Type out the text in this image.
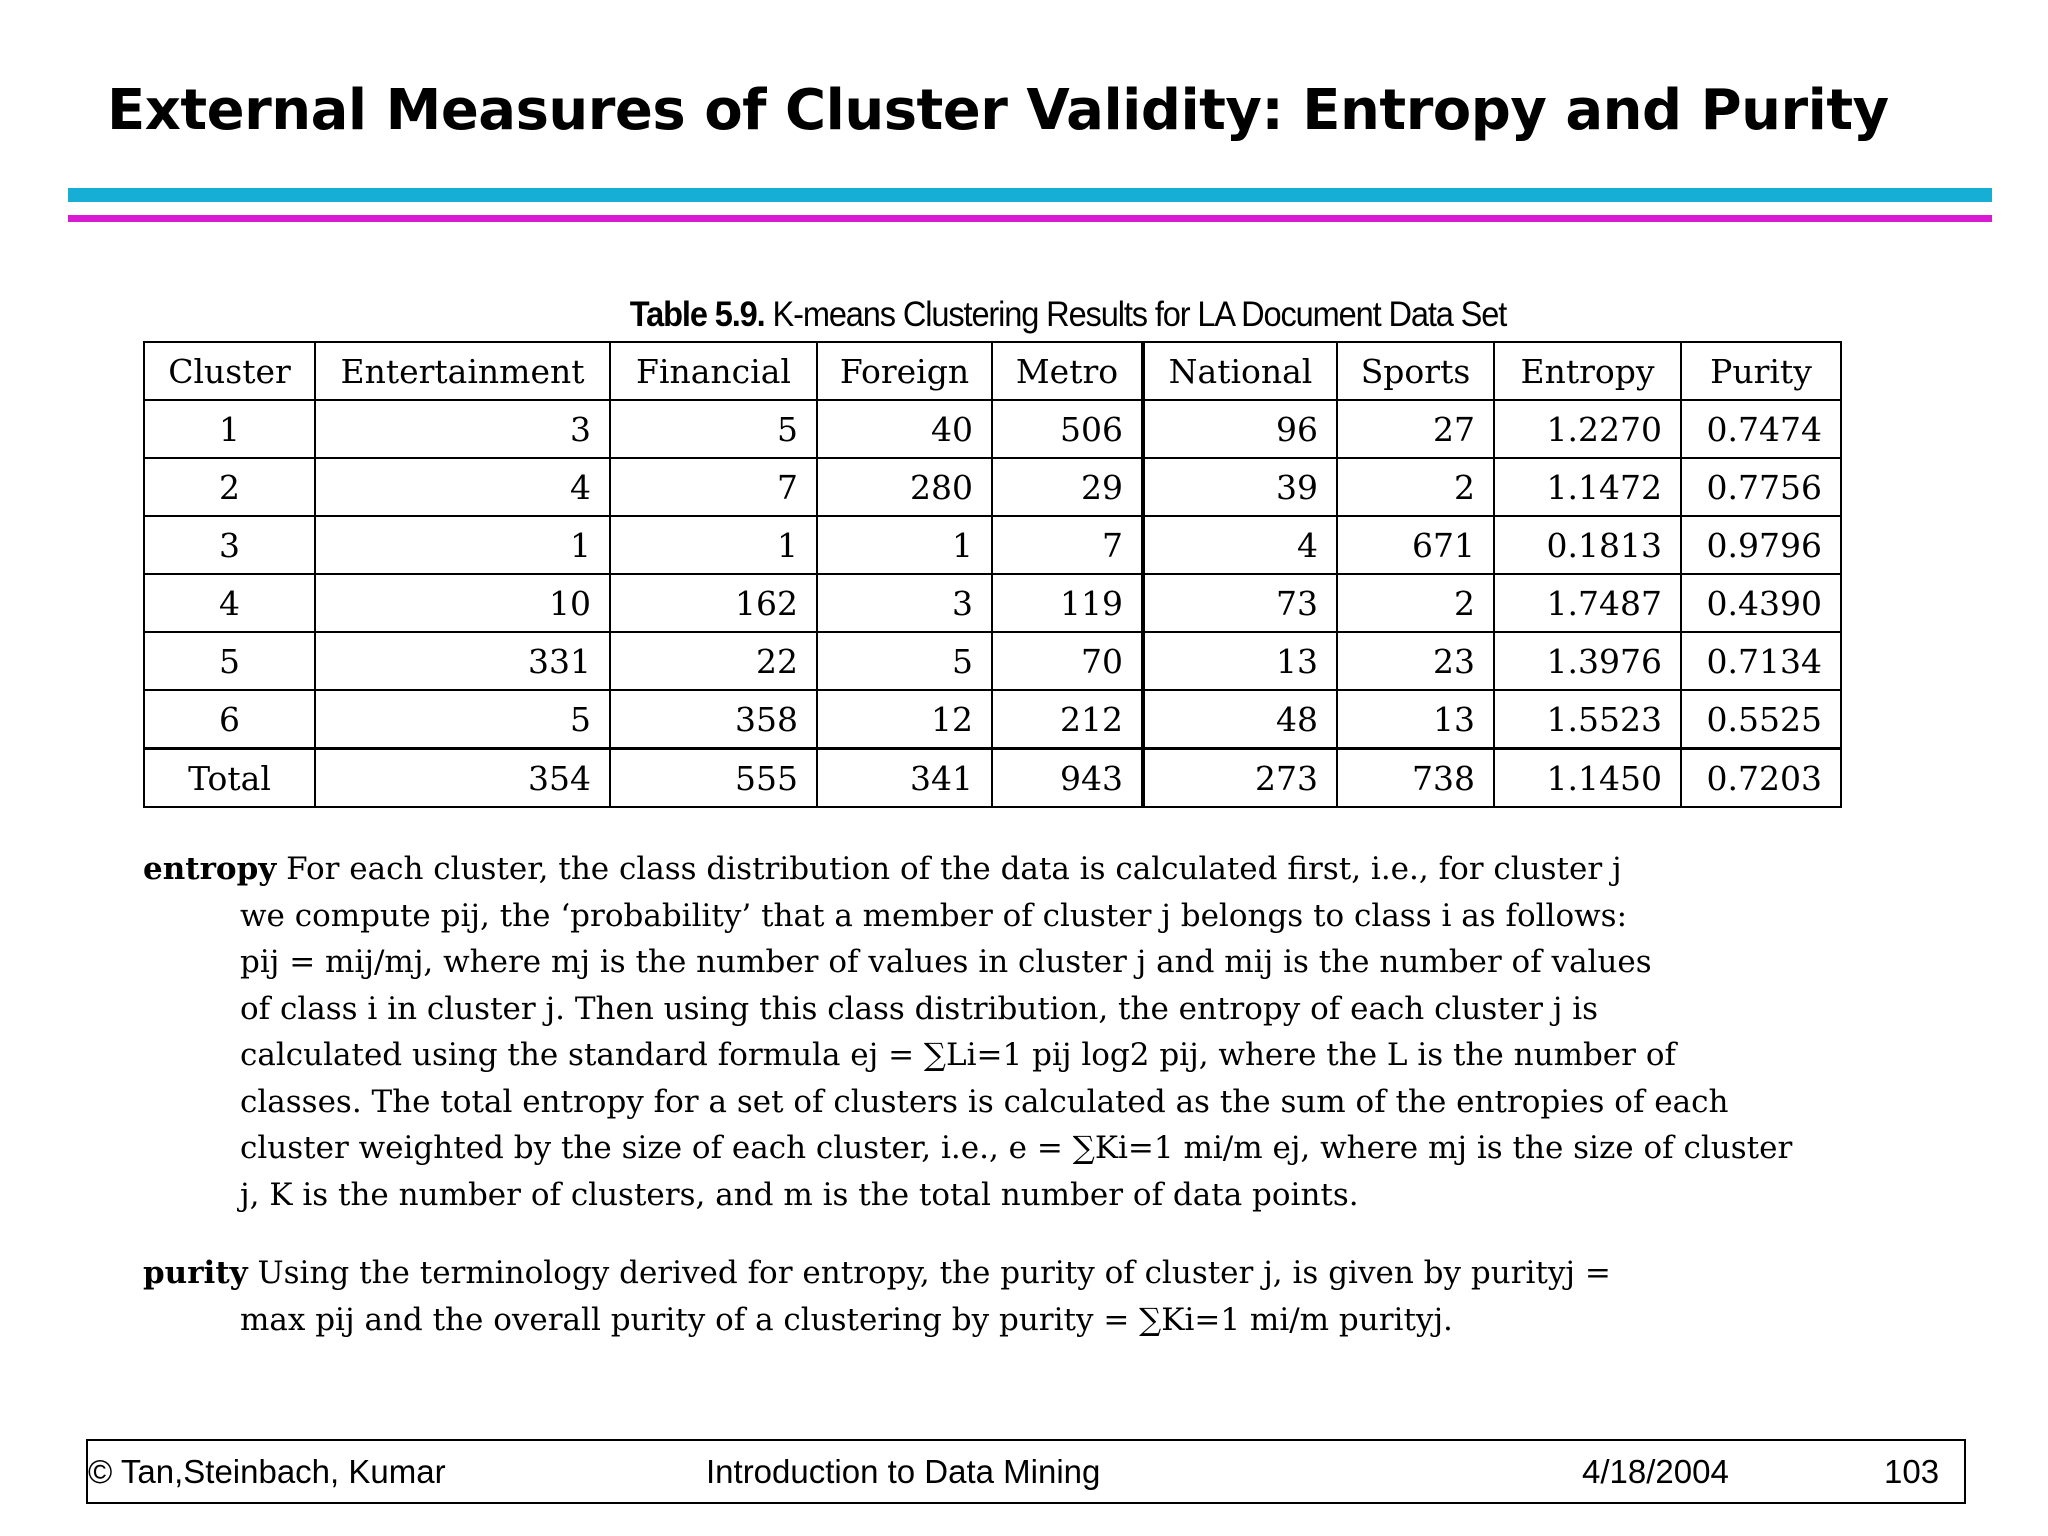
External Measures of Cluster Validity: Entropy and Purity
Table 5.9. K-means Clustering Results for LA Document Data Set
Cluster	Entertainment	Financial	Foreign	Metro	National	Sports	Entropy	Purity
1	3	5	40	506	96	27	1.2270	0.7474
2	4	7	280	29	39	2	1.1472	0.7756
3	1	1	1	7	4	671	0.1813	0.9796
4	10	162	3	119	73	2	1.7487	0.4390
5	331	22	5	70	13	23	1.3976	0.7134
6	5	358	12	212	48	13	1.5523	0.5525
Total	354	555	341	943	273	738	1.1450	0.7203

entropy For each cluster, the class distribution of the data is calculated first, i.e., for cluster j

we compute pij, the ‘probability’ that a member of cluster j belongs to class i as follows:

pij = mij/mj, where mj is the number of values in cluster j and mij is the number of values

of class i in cluster j. Then using this class distribution, the entropy of each cluster j is

calculated using the standard formula ej = ∑Li=1 pij log2 pij, where the L is the number of

classes. The total entropy for a set of clusters is calculated as the sum of the entropies of each

cluster weighted by the size of each cluster, i.e., e = ∑Ki=1 mi/m ej, where mj is the size of cluster

j, K is the number of clusters, and m is the total number of data points.

purity Using the terminology derived for entropy, the purity of cluster j, is given by purityj =

max pij and the overall purity of a clustering by purity = ∑Ki=1 mi/m purityj.

© Tan,Steinbach, Kumar	Introduction to Data Mining	4/18/2004	103
